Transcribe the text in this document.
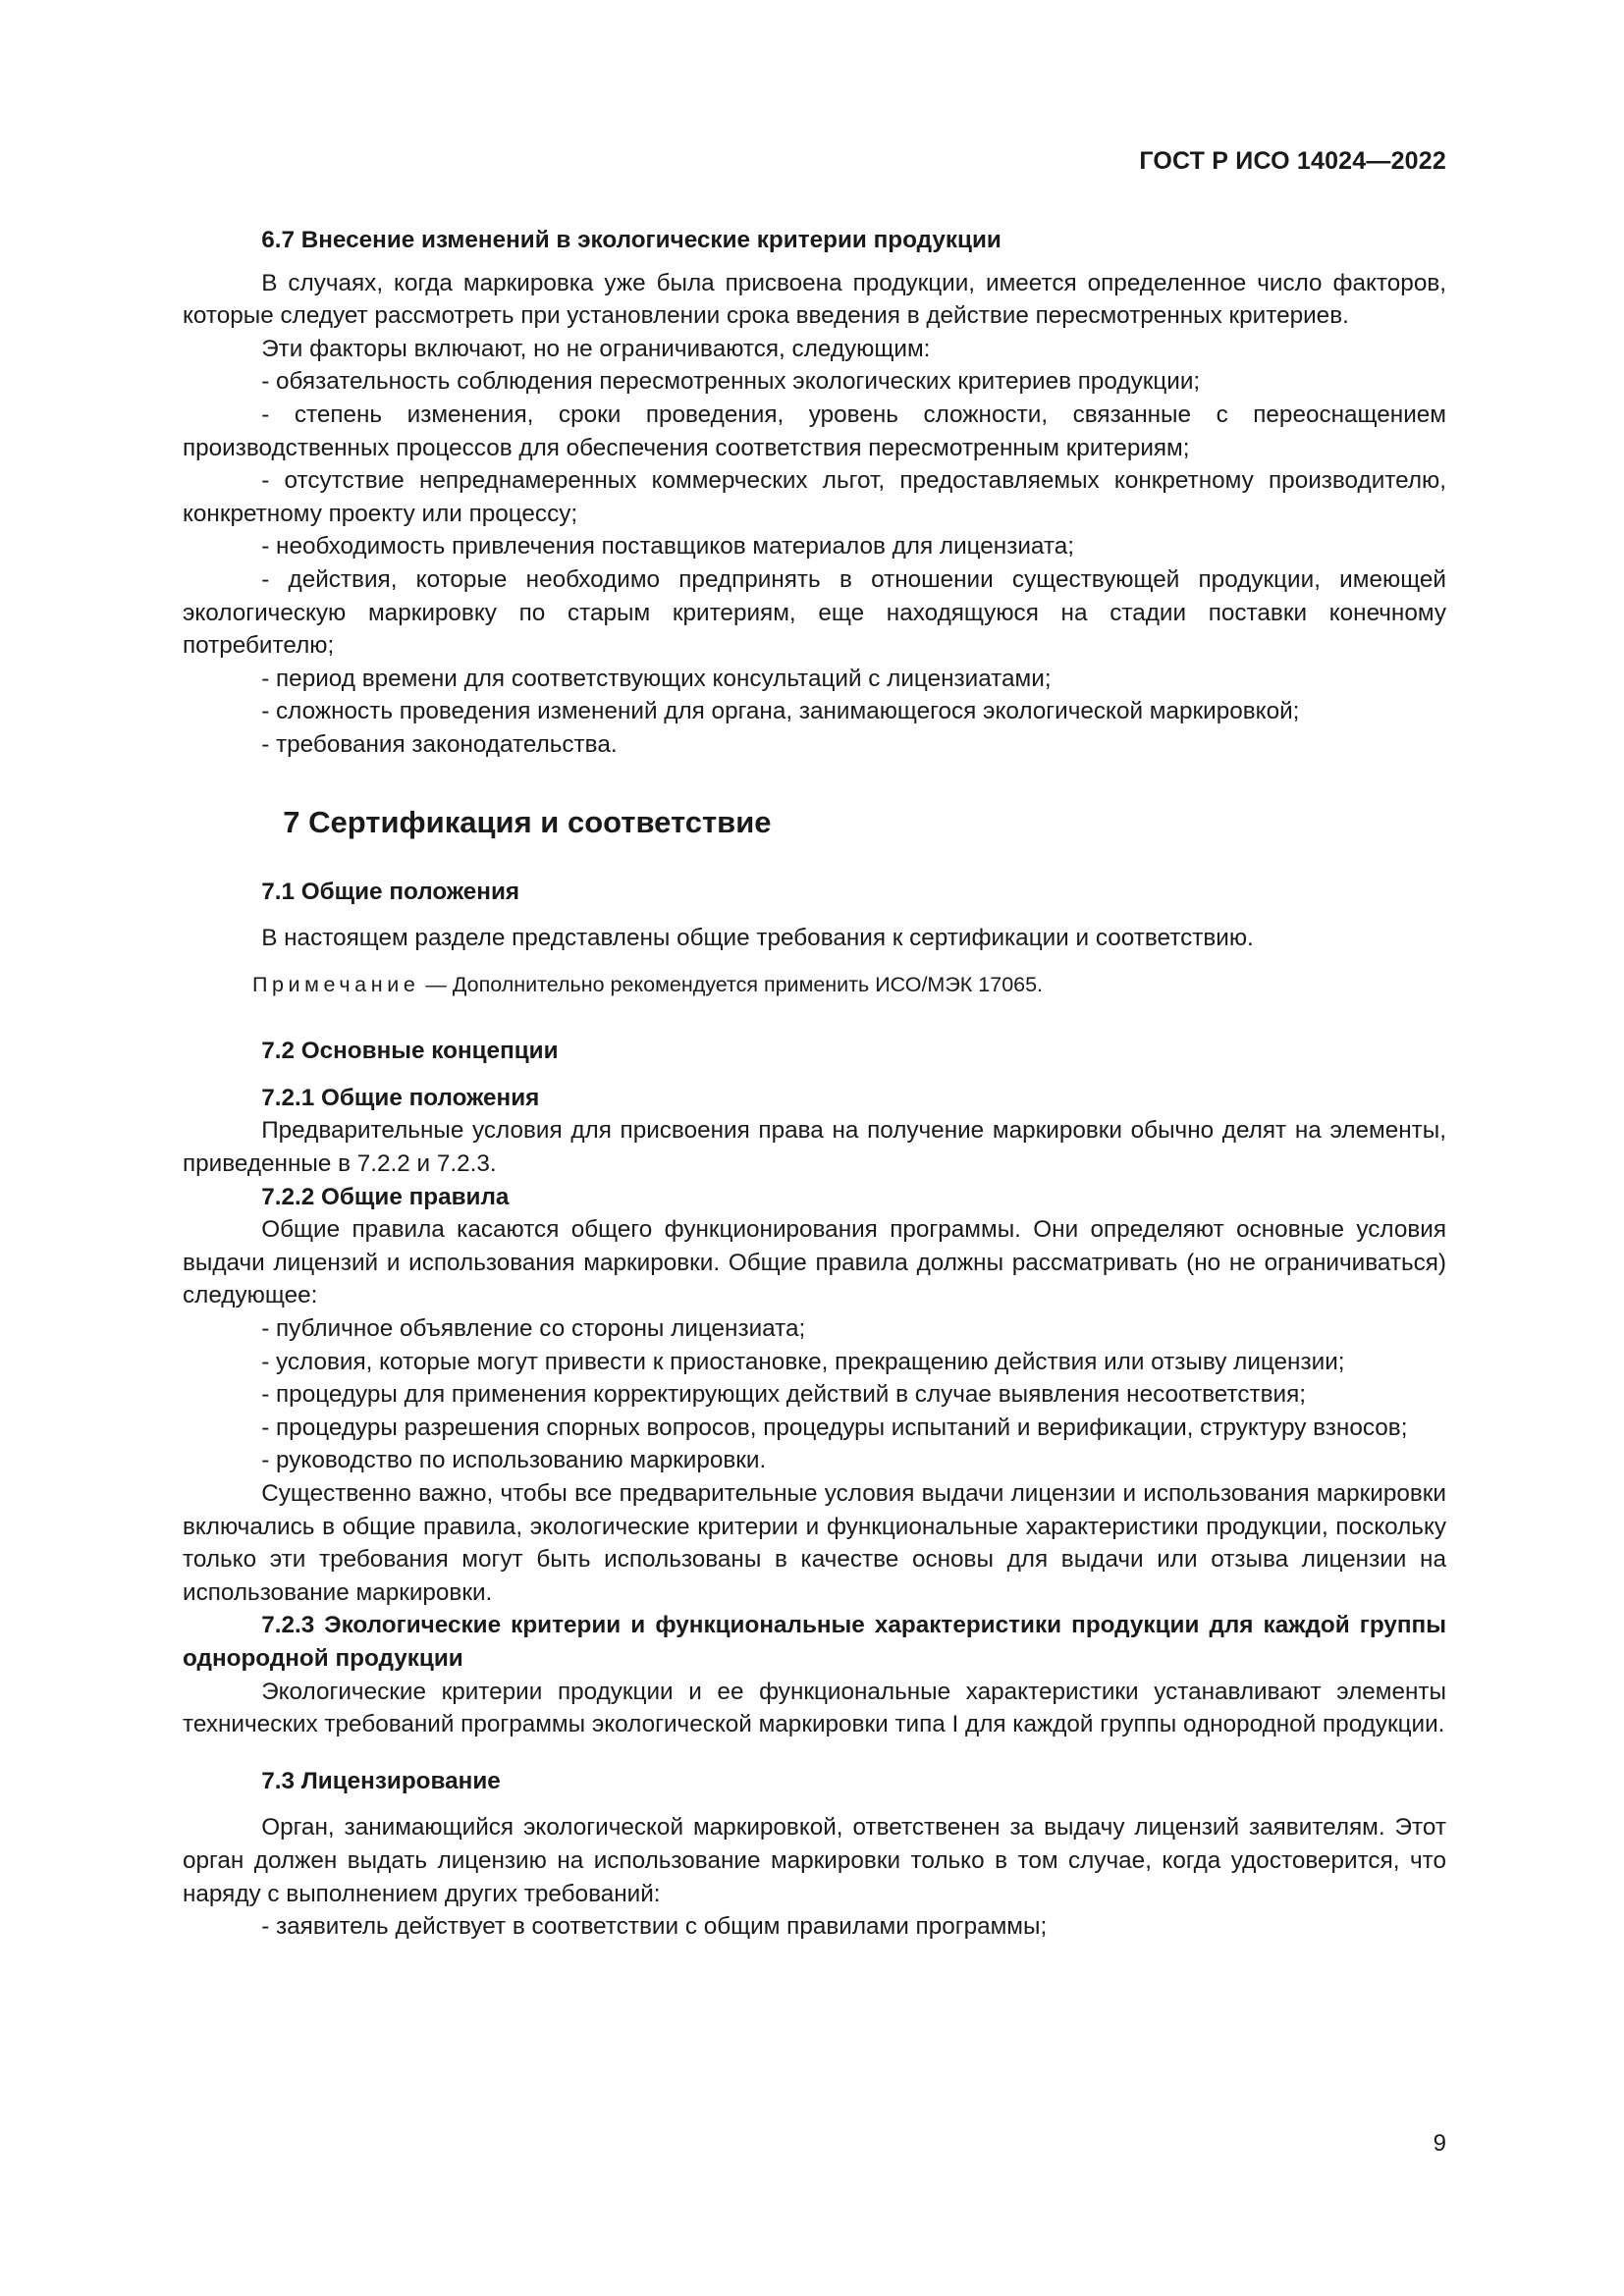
ГОСТ Р ИСО 14024—2022
6.7 Внесение изменений в экологические критерии продукции

В случаях, когда маркировка уже была присвоена продукции, имеется определенное число факторов, которые следует рассмотреть при установлении срока введения в действие пересмотренных критериев.

Эти факторы включают, но не ограничиваются, следующим:

- обязательность соблюдения пересмотренных экологических критериев продукции;

- степень изменения, сроки проведения, уровень сложности, связанные с переоснащением производственных процессов для обеспечения соответствия пересмотренным критериям;

- отсутствие непреднамеренных коммерческих льгот, предоставляемых конкретному производителю, конкретному проекту или процессу;

- необходимость привлечения поставщиков материалов для лицензиата;

- действия, которые необходимо предпринять в отношении существующей продукции, имеющей экологическую маркировку по старым критериям, еще находящуюся на стадии поставки конечному потребителю;

- период времени для соответствующих консультаций с лицензиатами;

- сложность проведения изменений для органа, занимающегося экологической маркировкой;

- требования законодательства.

7 Сертификация и соответствие
7.1 Общие положения

В настоящем разделе представлены общие требования к сертификации и соответствию.

Примечание — Дополнительно рекомендуется применить ИСО/МЭК 17065.
7.2 Основные концепции
7.2.1 Общие положения

Предварительные условия для присвоения права на получение маркировки обычно делят на элементы, приведенные в 7.2.2 и 7.2.3.

7.2.2 Общие правила

Общие правила касаются общего функционирования программы. Они определяют основные условия выдачи лицензий и использования маркировки. Общие правила должны рассматривать (но не ограничиваться) следующее:

- публичное объявление со стороны лицензиата;

- условия, которые могут привести к приостановке, прекращению действия или отзыву лицензии;

- процедуры для применения корректирующих действий в случае выявления несоответствия;

- процедуры разрешения спорных вопросов, процедуры испытаний и верификации, структуру взносов;

- руководство по использованию маркировки.

Существенно важно, чтобы все предварительные условия выдачи лицензии и использования маркировки включались в общие правила, экологические критерии и функциональные характеристики продукции, поскольку только эти требования могут быть использованы в качестве основы для выдачи или отзыва лицензии на использование маркировки.

7.2.3 Экологические критерии и функциональные характеристики продукции для каждой группы однородной продукции

Экологические критерии продукции и ее функциональные характеристики устанавливают элементы технических требований программы экологической маркировки типа I для каждой группы однородной продукции.

7.3 Лицензирование

Орган, занимающийся экологической маркировкой, ответственен за выдачу лицензий заявителям. Этот орган должен выдать лицензию на использование маркировки только в том случае, когда удостоверится, что наряду с выполнением других требований:

- заявитель действует в соответствии с общим правилами программы;

9
